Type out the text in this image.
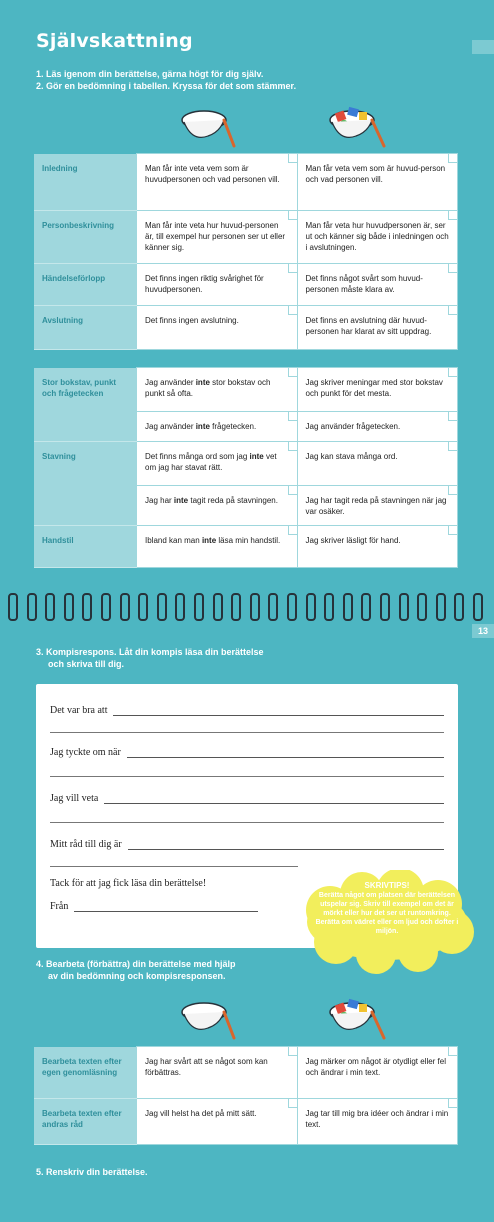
Självskattning

1. Läs igenom din berättelse, gärna högt för dig själv.

2. Gör en bedömning i tabellen. Kryssa för det som stämmer.

Inledning	Man får inte veta vem som är huvudpersonen och vad personen vill.	Man får veta vem som är huvud-person och vad personen vill.
Personbeskrivning	Man får inte veta hur huvud-personen är, till exempel hur personen ser ut eller känner sig.	Man får veta hur huvudpersonen är, ser ut och känner sig både i inledningen och i avslutningen.
Händelseförlopp	Det finns ingen riktig svårighet för huvudpersonen.	Det finns något svårt som huvud-personen måste klara av.
Avslutning	Det finns ingen avslutning.	Det finns en avslutning där huvud-personen har klarat av sitt uppdrag.
Stor bokstav, punkt och frågetecken	Jag använder inte stor bokstav och punkt så ofta.	Jag skriver meningar med stor bokstav och punkt för det mesta.
	Jag använder inte frågetecken.	Jag använder frågetecken.
Stavning	Det finns många ord som jag inte vet om jag har stavat rätt.	Jag kan stava många ord.
	Jag har inte tagit reda på stavningen.	Jag har tagit reda på stavningen när jag var osäker.
Handstil	Ibland kan man inte läsa min handstil.	Jag skriver läsligt för hand.
13

3. Kompisrespons. Låt din kompis läsa din berättelse

och skriva till dig.

Det var bra att
Jag tyckte om när
Jag vill veta
Mitt råd till dig är
Tack för att jag fick läsa din berättelse!
Från
SKRIVTIPS!
Berätta något om platsen där berättelsen utspelar sig. Skriv till exempel om det är mörkt eller hur det ser ut runtomkring. Berätta om vädret eller om ljud och dofter i miljön.

4. Bearbeta (förbättra) din berättelse med hjälp

av din bedömning och kompisresponsen.

Bearbeta texten efter egen genomläsning	Jag har svårt att se något som kan förbättras.	Jag märker om något är otydligt eller fel och ändrar i min text.
Bearbeta texten efter andras råd	Jag vill helst ha det på mitt sätt.	Jag tar till mig bra idéer och ändrar i min text.

5. Renskriv din berättelse.
